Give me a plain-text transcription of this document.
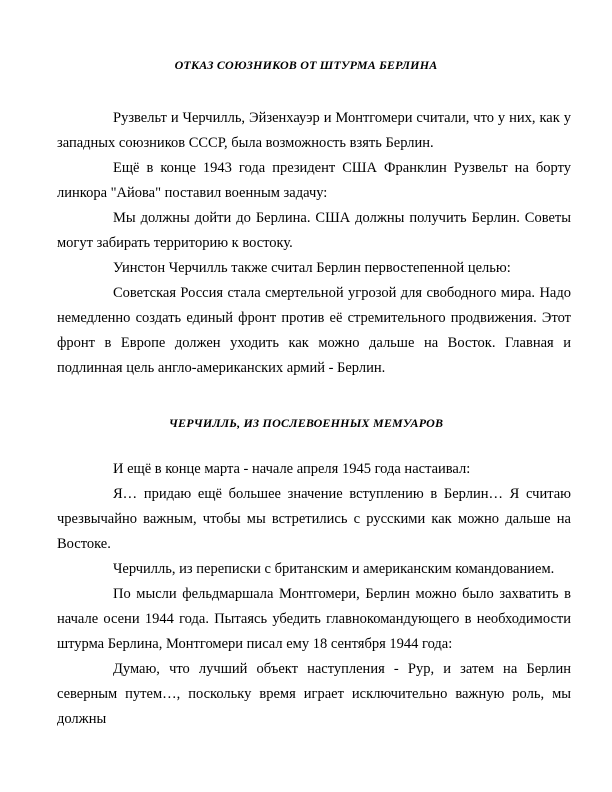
ОТКАЗ СОЮЗНИКОВ ОТ ШТУРМА БЕРЛИНА

Рузвельт и Черчилль, Эйзенхауэр и Монтгомери считали, что у них, как у западных союзников СССР, была возможность взять Берлин.

Ещё в конце 1943 года президент США Франклин Рузвельт на борту линкора "Айова" поставил военным задачу:

Мы должны дойти до Берлина. США должны получить Берлин. Советы могут забирать территорию к востоку.

Уинстон Черчилль также считал Берлин первостепенной целью:

Советская Россия стала смертельной угрозой для свободного мира. Надо немедленно создать единый фронт против её стремительного продвижения. Этот фронт в Европе должен уходить как можно дальше на Восток. Главная и подлинная цель англо-американских армий - Берлин.

ЧЕРЧИЛЛЬ, ИЗ ПОСЛЕВОЕННЫХ МЕМУАРОВ

И ещё в конце марта - начале апреля 1945 года настаивал:

Я… придаю ещё большее значение вступлению в Берлин… Я считаю чрезвычайно важным, чтобы мы встретились с русскими как можно дальше на Востоке.

Черчилль, из переписки с британским и американским командованием.

По мысли фельдмаршала Монтгомери, Берлин можно было захватить в начале осени 1944 года. Пытаясь убедить главнокомандующего в необходимости штурма Берлина, Монтгомери писал ему 18 сентября 1944 года:

Думаю, что лучший объект наступления - Рур, и затем на Берлин северным путем…, поскольку время играет исключительно важную роль, мы должны
